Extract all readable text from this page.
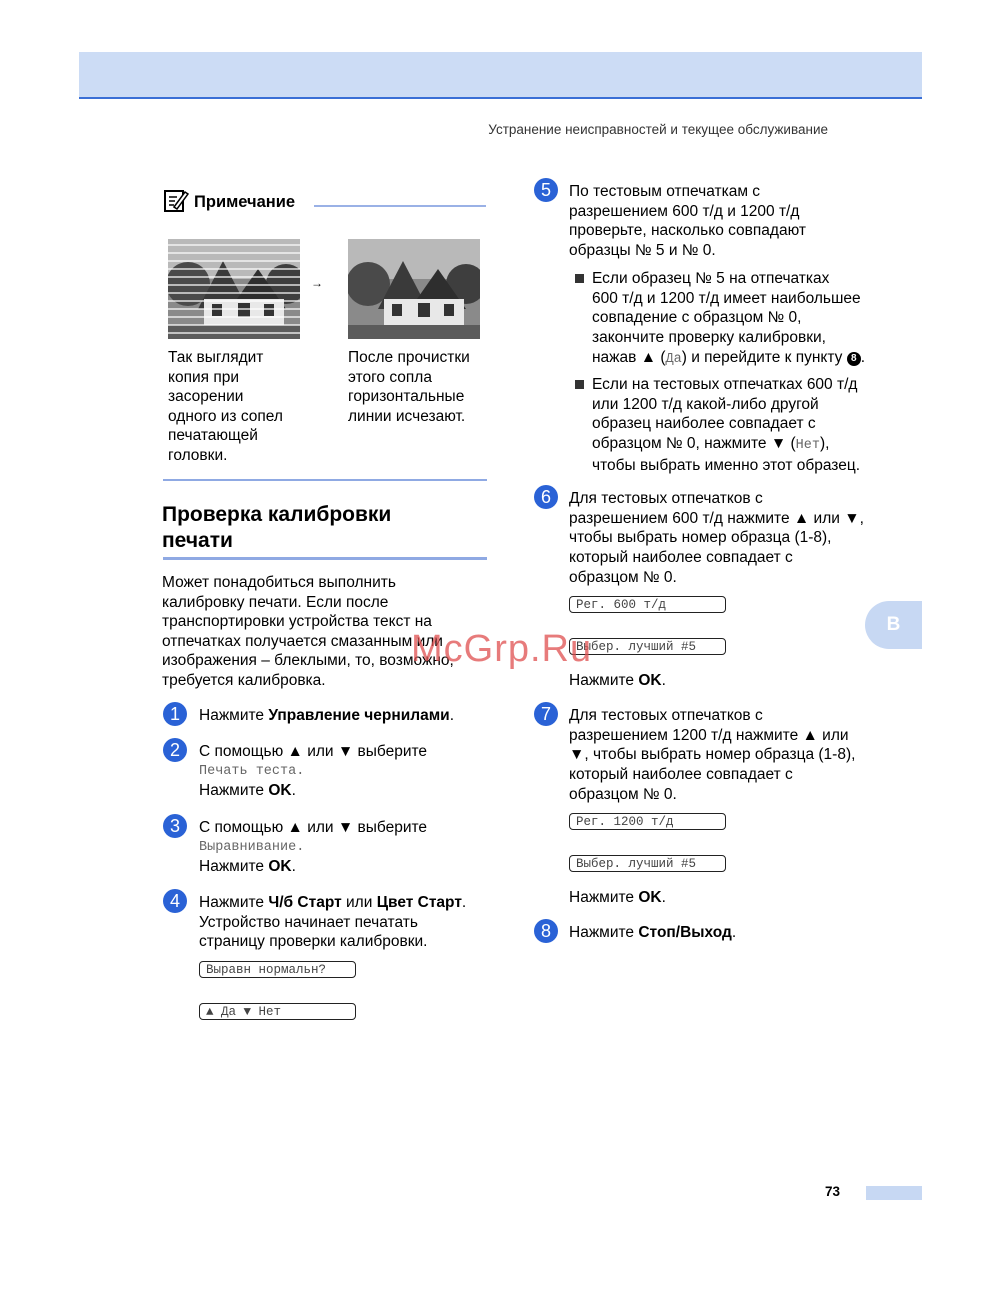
Устранение неисправностей и текущее обслуживание
Примечание
→
Так выглядит
копия при
засорении
одного из сопел
печатающей
головки.
После прочистки
этого сопла
горизонтальные
линии исчезают.
Проверка калибровки
печати
Может понадобиться выполнить
калибровку печати. Если после
транспортировки устройства текст на
отпечатках получается смазанным или
изображения – блеклыми, то, возможно,
требуется калибровка.
1	Нажмите Управление чернилами.
2	С помощью ▲ или ▼ выберите
Печать теста.
Нажмите OK.
3	С помощью ▲ или ▼ выберите
Выравнивание.
Нажмите OK.
4	Нажмите Ч/б Старт или Цвет Старт.
Устройство начинает печатать
страницу проверки калибровки.
Выравн нормальн?
▲ Да ▼ Нет
5	По тестовым отпечаткам с
разрешением 600 т/д и 1200 т/д
проверьте, насколько совпадают
образцы № 5 и № 0.
Если образец № 5 на отпечатках
600 т/д и 1200 т/д имеет наибольшее
совпадение с образцом № 0,
закончите проверку калибровки,
нажав ▲ (Да) и перейдите к пункту 8 .
Если на тестовых отпечатках 600 т/д
или 1200 т/д какой-либо другой
образец наиболее совпадает с
образцом № 0, нажмите ▼ (Нет),
чтобы выбрать именно этот образец.
6	Для тестовых отпечатков с
разрешением 600 т/д нажмите ▲ или ▼,
чтобы выбрать номер образца (1-8),
который наиболее совпадает с
образцом № 0.
Рег. 600 т/д
Выбер. лучший #5
Нажмите OK.
7	Для тестовых отпечатков с
разрешением 1200 т/д нажмите ▲ или
▼, чтобы выбрать номер образца (1-8),
который наиболее совпадает с
образцом № 0.
Рег. 1200 т/д
Выбер. лучший #5
Нажмите OK.
8	Нажмите Стоп/Выход.
B
McGrp.Ru
73
